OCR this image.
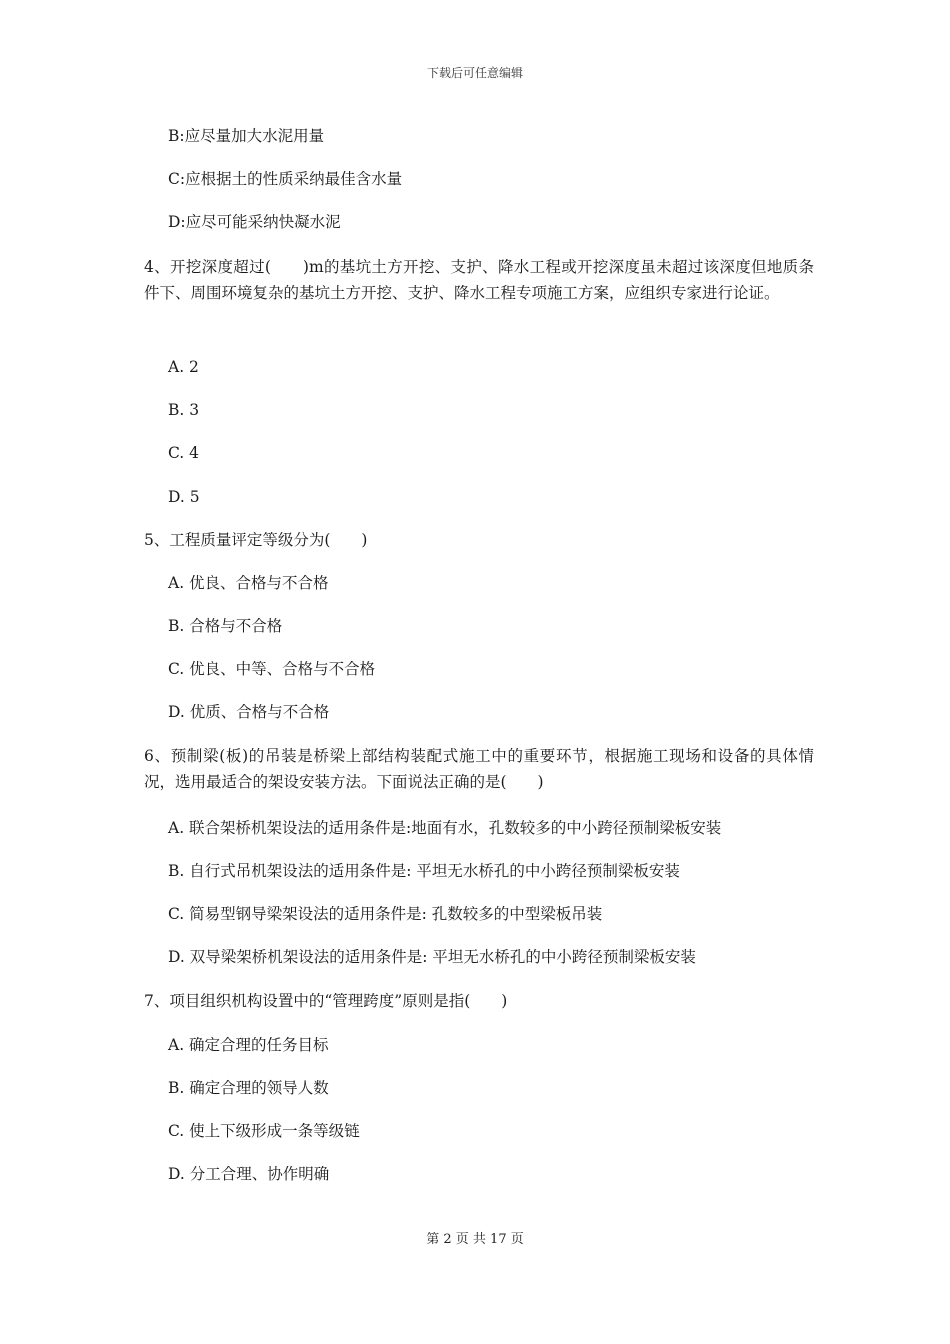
下载后可任意编辑
B:应尽量加大水泥用量
C:应根据土的性质采纳最佳含水量
D:应尽可能采纳快凝水泥
4、开挖深度超过(　　)m的基坑土方开挖、支护、降水工程或开挖深度虽未超过该深度但地质条件下、周围环境复杂的基坑土方开挖、支护、降水工程专项施工方案，应组织专家进行论证。
A. 2
B. 3
C. 4
D. 5
5、工程质量评定等级分为(　　)
A. 优良、合格与不合格
B. 合格与不合格
C. 优良、中等、合格与不合格
D. 优质、合格与不合格
6、预制梁(板)的吊装是桥梁上部结构装配式施工中的重要环节，根据施工现场和设备的具体情况，选用最适合的架设安装方法。下面说法正确的是(　　)
A. 联合架桥机架设法的适用条件是:地面有水，孔数较多的中小跨径预制梁板安装
B. 自行式吊机架设法的适用条件是: 平坦无水桥孔的中小跨径预制梁板安装
C. 简易型钢导梁架设法的适用条件是: 孔数较多的中型梁板吊装
D. 双导梁架桥机架设法的适用条件是: 平坦无水桥孔的中小跨径预制梁板安装
7、项目组织机构设置中的“管理跨度”原则是指(　　)
A. 确定合理的任务目标
B. 确定合理的领导人数
C. 使上下级形成一条等级链
D. 分工合理、协作明确
第 2 页 共 17 页
